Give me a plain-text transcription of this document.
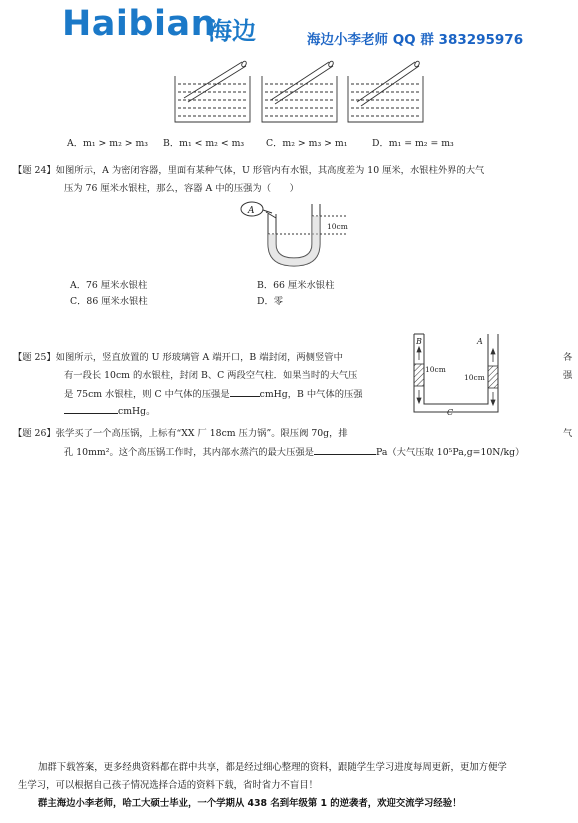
Haibian
海边	海边小李老师 QQ 群 383295976
A．m₁ > m₂ > m₃ B．m₁ < m₂ < m₃ C．m₂ > m₃ > m₁	D．m₁ = m₂ = m₃
【题 24】如图所示，A 为密闭容器，里面有某种气体，U 形管内有水银，其高度差为 10 厘米，水银柱外界的大气
压为 76 厘米水银柱，那么，容器 A 中的压强为（　　）
A
10cm
A．76 厘米水银柱	B．66 厘米水银柱
C．86 厘米水银柱	D．零
【题 25】如图所示，竖直放置的 U 形玻璃管 A 端开口，B 端封闭，两侧竖管中	各
有一段长 10cm 的水银柱，封闭 B、C 两段空气柱．如果当时的大气压	强
是 75cm 水银柱，则 C 中气体的压强是	cmHg，B 中气体的压强
cmHg。
B	A
C
10cm
10cm
【题 26】张学买了一个高压锅，上标有“XX 厂 18cm 压力锅”。限压阀 70g，排	气
孔 10mm²。这个高压锅工作时，其内部水蒸汽的最大压强是	Pa（大气压取 10⁵Pa,g=10N/kg）
加群下载答案，更多经典资料都在群中共享，都是经过细心整理的资料，跟随学生学习进度每周更新，更加方便学
生学习，可以根据自己孩子情况选择合适的资料下载，省时省力不盲目！
群主海边小李老师，哈工大硕士毕业，一个学期从 438 名到年级第 1 的逆袭者，欢迎交流学习经验！
